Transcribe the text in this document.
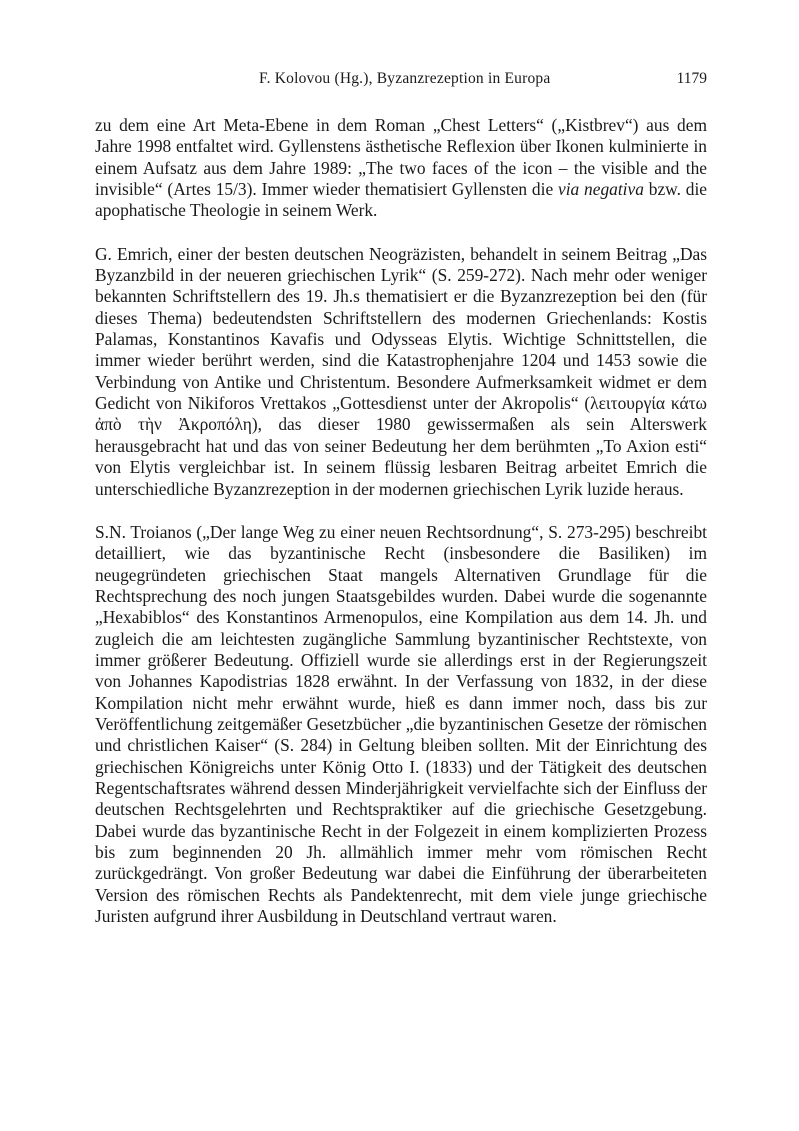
F. Kolovou (Hg.), Byzanzrezeption in Europa	1179

zu dem eine Art Meta-Ebene in dem Roman „Chest Letters“ („Kistbrev“) aus dem Jahre 1998 entfaltet wird. Gyllenstens ästhetische Reflexion über Ikonen kulminierte in einem Aufsatz aus dem Jahre 1989: „The two faces of the icon – the visible and the invisible“ (Artes 15/3). Immer wieder thematisiert Gyllensten die via negativa bzw. die apophatische Theologie in seinem Werk.

G. Emrich, einer der besten deutschen Neogräzisten, behandelt in seinem Beitrag „Das Byzanzbild in der neueren griechischen Lyrik“ (S. 259-272). Nach mehr oder weniger bekannten Schriftstellern des 19. Jh.s thematisiert er die Byzanzrezeption bei den (für dieses Thema) bedeutendsten Schriftstellern des modernen Griechenlands: Kostis Palamas, Konstantinos Kavafis und Odysseas Elytis. Wichtige Schnittstellen, die immer wieder berührt werden, sind die Katastrophenjahre 1204 und 1453 sowie die Verbindung von Antike und Christentum. Besondere Aufmerksamkeit widmet er dem Gedicht von Nikiforos Vrettakos „Gottesdienst unter der Akropolis“ (λειτουργία κάτω ἀπὸ τὴν Ἀκροπόλη), das dieser 1980 gewissermaßen als sein Alterswerk herausgebracht hat und das von seiner Bedeutung her dem berühmten „To Axion esti“ von Elytis vergleichbar ist. In seinem flüssig lesbaren Beitrag arbeitet Emrich die unterschiedliche Byzanzrezeption in der modernen griechischen Lyrik luzide heraus.

S.N. Troianos („Der lange Weg zu einer neuen Rechtsordnung“, S. 273-295) beschreibt detailliert, wie das byzantinische Recht (insbesondere die Basiliken) im neugegründeten griechischen Staat mangels Alternativen Grundlage für die Rechtsprechung des noch jungen Staatsgebildes wurden. Dabei wurde die sogenannte „Hexabiblos“ des Konstantinos Armenopulos, eine Kompilation aus dem 14. Jh. und zugleich die am leichtesten zugängliche Sammlung byzantinischer Rechtstexte, von immer größerer Bedeutung. Offiziell wurde sie allerdings erst in der Regierungszeit von Johannes Kapodistrias 1828 erwähnt. In der Verfassung von 1832, in der diese Kompilation nicht mehr erwähnt wurde, hieß es dann immer noch, dass bis zur Veröffentlichung zeitgemäßer Gesetzbücher „die byzantinischen Gesetze der römischen und christlichen Kaiser“ (S. 284) in Geltung bleiben sollten. Mit der Einrichtung des griechischen Königreichs unter König Otto I. (1833) und der Tätigkeit des deutschen Regentschaftsrates während dessen Minderjährigkeit vervielfachte sich der Einfluss der deutschen Rechtsgelehrten und Rechtspraktiker auf die griechische Gesetzgebung. Dabei wurde das byzantinische Recht in der Folgezeit in einem komplizierten Prozess bis zum beginnenden 20 Jh. allmählich immer mehr vom römischen Recht zurückgedrängt. Von großer Bedeutung war dabei die Einführung der überarbeiteten Version des römischen Rechts als Pandektenrecht, mit dem viele junge griechische Juristen aufgrund ihrer Ausbildung in Deutschland vertraut waren.
